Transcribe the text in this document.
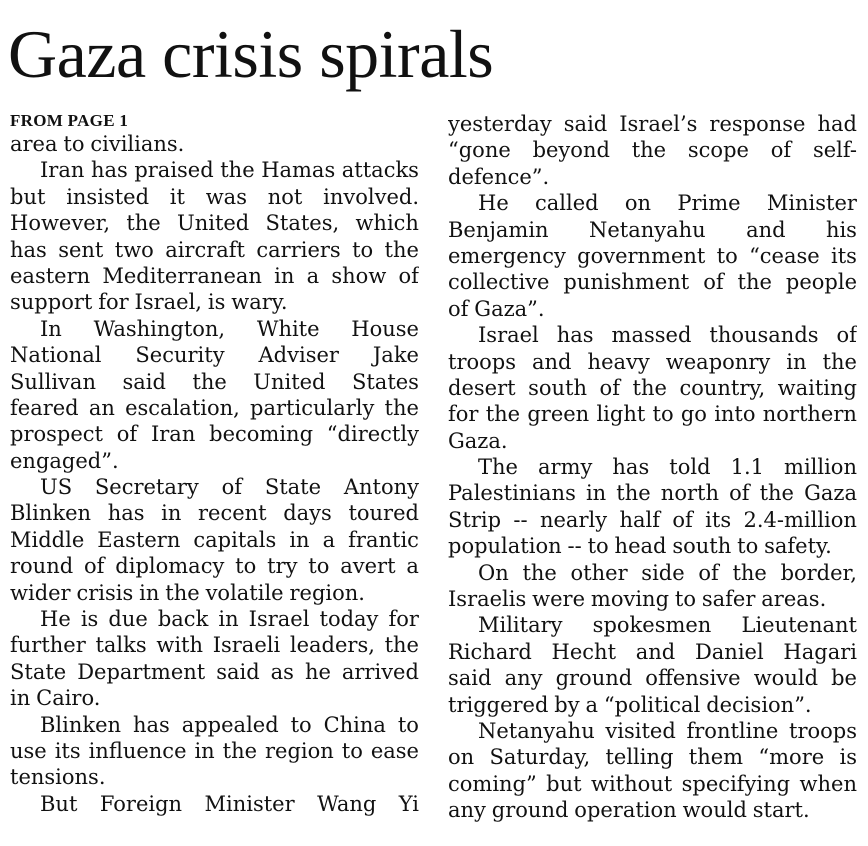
Gaza crisis spirals
FROM PAGE 1
area to civilians.
Iran has praised the Hamas attacks
but insisted it was not involved.
However, the United States, which
has sent two aircraft carriers to the
eastern Mediterranean in a show of
support for Israel, is wary.
In Washington, White House
National Security Adviser Jake
Sullivan said the United States
feared an escalation, particularly the
prospect of Iran becoming “directly
engaged”.
US Secretary of State Antony
Blinken has in recent days toured
Middle Eastern capitals in a frantic
round of diplomacy to try to avert a
wider crisis in the volatile region.
He is due back in Israel today for
further talks with Israeli leaders, the
State Department said as he arrived
in Cairo.
Blinken has appealed to China to
use its influence in the region to ease
tensions.
But Foreign Minister Wang Yi
yesterday said Israel’s response had
“gone beyond the scope of self-
defence”.
He called on Prime Minister
Benjamin Netanyahu and his
emergency government to “cease its
collective punishment of the people
of Gaza”.
Israel has massed thousands of
troops and heavy weaponry in the
desert south of the country, waiting
for the green light to go into northern
Gaza.
The army has told 1.1 million
Palestinians in the north of the Gaza
Strip -- nearly half of its 2.4-million
population -- to head south to safety.
On the other side of the border,
Israelis were moving to safer areas.
Military spokesmen Lieutenant
Richard Hecht and Daniel Hagari
said any ground offensive would be
triggered by a “political decision”.
Netanyahu visited frontline troops
on Saturday, telling them “more is
coming” but without specifying when
any ground operation would start.
